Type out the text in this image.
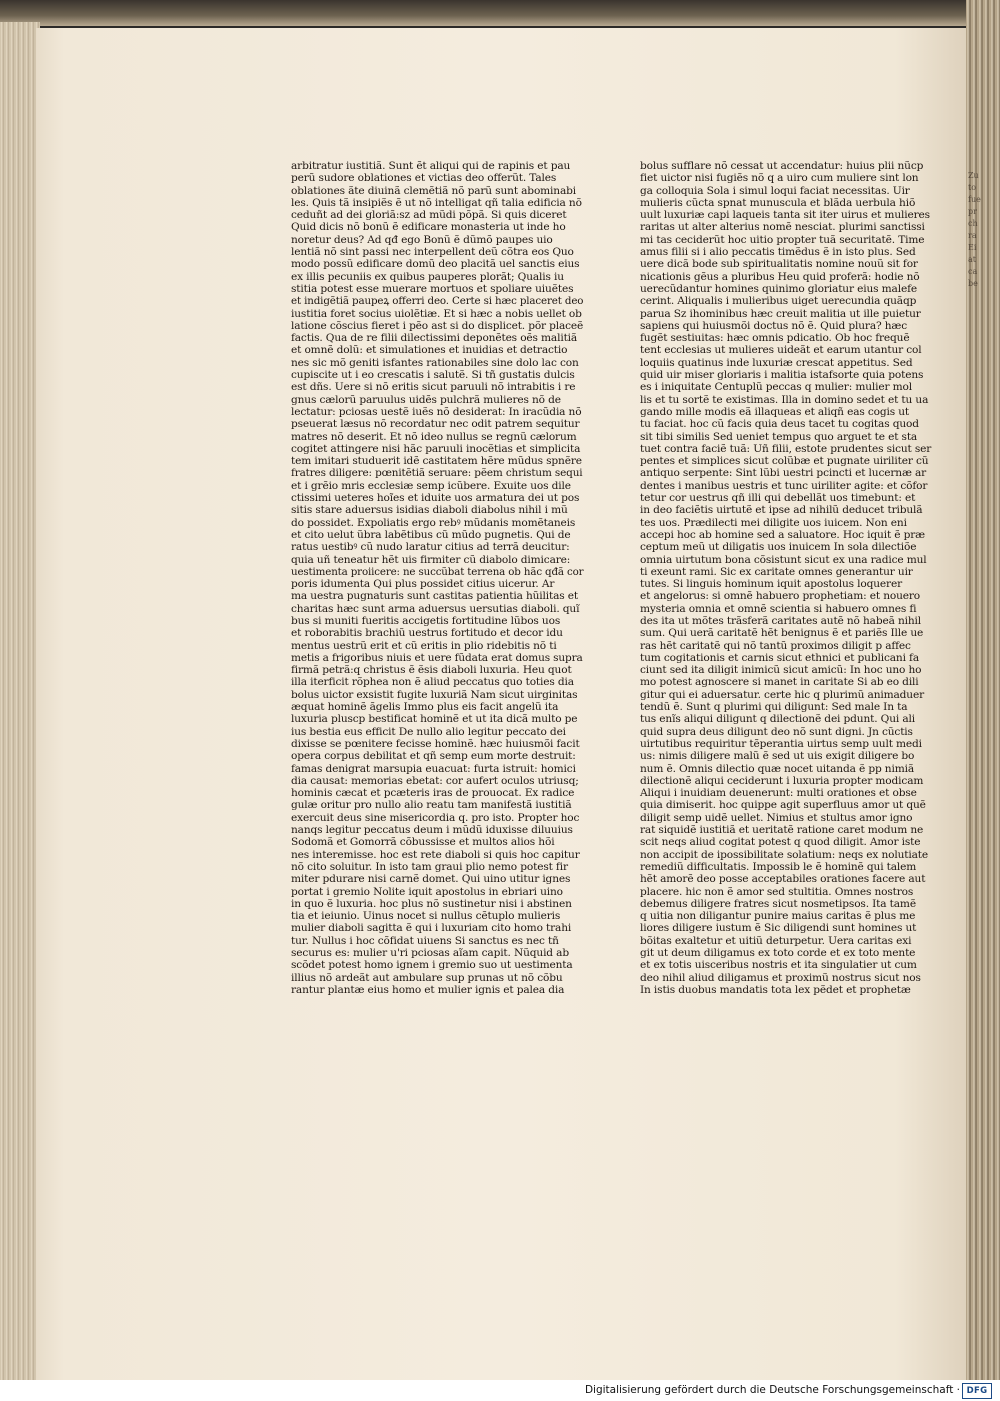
Zu
to
fue
pr
ch
ra
Ei
at
ca
be
arbitratur iustitiã. Sunt ẽt aliqui qui de rapinis et pau
perũ sudore oblationes et victias deo offerũt. Tales
oblationes ãte diuinã clemẽtiã nõ parũ sunt abominabi
les. Quis tã insipiẽs ẽ ut nõ intelligat qñ talia edificia nõ
ceduñt ad dei gloriã:sz ad mũdi põpã. Si quis diceret
Quid dicis nõ bonũ ẽ edificare monasteria ut inde ho
noretur deus? Ad qđ ego Bonũ ẽ dũmõ paupes uio
lentiã nõ sint passi nec interpellent deũ cõtra eos Quo
modo possũ edificare domũ deo placitã uel sanctis eius
ex illis pecuniis ex quibus pauperes plorãt; Qualis iu
stitia potest esse muerare mortuos et spoliare uiuẽtes
et indigẽtiã paupeꝝ offerri deo. Certe si hæc placeret deo
iustitia foret socius uiolẽtiæ. Et si hæc a nobis uellet ob
latione cõscius fieret i pẽo ast si do displicet. põr placeẽ
factis. Qua de re filii dilectissimi deponẽtes oẽs malitiã
et omnẽ dolũ: et simulationes et inuidias et detractio
nes sic mõ geniti isfantes rationabiles sine dolo lac con
cupiscite ut i eo crescatis i salutẽ. Si tñ gustatis dulcis
est dñs. Uere si nõ eritis sicut paruuli nõ intrabitis i re
gnus cælorũ paruulus uidẽs pulchrã mulieres nõ de
lectatur: pciosas uestẽ iuẽs nõ desiderat: In iracũdia nõ
pseuerat læsus nõ recordatur nec odit patrem sequitur
matres nõ deserit. Et nõ ideo nullus se regnũ cælorum
cogitet attingere nisi hãc paruuli inocẽtias et simplicita
tem imitari studuerit idẽ castitatem hẽre mũdus spnẽre
fratres diligere: pœnitẽtiã seruare: pẽem christum sequi
et i grẽio mris ecclesiæ semp icũbere. Exuite uos dile
ctissimi ueteres hoĩes et iduite uos armatura dei ut pos
sitis stare aduersus isidias diaboli diabolus nihil i mũ
do possidet. Expoliatis ergo rebꝰ mũdanis momẽtaneis
et cito uelut ũbra labẽtibus cũ mũdo pugnetis. Qui de
ratus uestibꝰ cũ nudo laratur citius ad terrã deucitur:
quia uñ teneatur hẽt uis firmiter cũ diabolo dimicare:
uestimenta proiicere: ne succũbat terrena ob hãc qđã cor
poris idumenta Qui plus possidet citius uicerur. Ar
ma uestra pugnaturis sunt castitas patientia hũilitas et
charitas hæc sunt arma aduersus uersutias diaboli. quĩ
bus si muniti fueritis accigetis fortitudine lũbos uos
et roborabitis brachiũ uestrus fortitudo et decor idu
mentus uestrũ erit et cũ eritis in plio ridebitis nõ ti
metis a frigoribus niuis et uere fũdata erat domus supra
firmã petrã:q christus ẽ ẽsis diaboli luxuria. Heu quot
illa iterficit rõphea non ẽ aliud peccatus quo toties dia
bolus uictor exsistit fugite luxuriã Nam sicut uirginitas
æquat hominẽ ãgelis Immo plus eis facit angelũ ita
luxuria pluscp bestificat hominẽ et ut ita dicã multo pe
ius bestia eus efficit De nullo alio legitur peccato dei
dixisse se pœnitere fecisse hominẽ. hæc huiusmõi facit
opera corpus debilitat et qñ semp eum morte destruit:
famas denigrat marsupia euacuat: furta istruit: homici
dia causat: memorias ebetat: cor aufert oculos utriusq;
hominis cæcat et pcæteris iras de prouocat. Ex radice
gulæ oritur pro nullo alio reatu tam manifestã iustitiã
exercuit deus sine misericordia q. pro isto. Propter hoc
nanqs legitur peccatus deum i mũdũ iduxisse diluuius
Sodomã et Gomorrã cõbussisse et multos alios hõi
nes interemisse. hoc est rete diaboli si quis hoc capitur
nõ cito soluitur. In isto tam graui plio nemo potest fir
miter pdurare nisi carnẽ domet. Qui uino utitur ignes
portat i gremio Nolite iquit apostolus in ebriari uino
in quo ẽ luxuria. hoc plus nõ sustinetur nisi i abstinen
tia et ieiunio. Uinus nocet si nullus cẽtuplo mulieris
mulier diaboli sagitta ẽ qui i luxuriam cito homo trahi
tur. Nullus i hoc cõfidat uiuens Si sanctus es nec tñ
securus es: mulier u'ri pciosas aĩam capit. Nũquid ab
scõdet potest homo ignem i gremio suo ut uestimenta
illius nõ ardeãt aut ambulare sup prunas ut nõ cõbu
rantur plantæ eius homo et mulier ignis et palea dia
bolus sufflare nõ cessat ut accendatur: huius plii nũcp
fiet uictor nisi fugiẽs nõ q a uiro cum muliere sint lon
ga colloquia Sola i simul loqui faciat necessitas. Uir
mulieris cũcta spnat munuscula et blãda uerbula hiõ
uult luxuriæ capi laqueis tanta sit iter uirus et mulieres
raritas ut alter alterius nomẽ nesciat. plurimi sanctissi
mi tas ceciderũt hoc uitio propter tuã securitatẽ. Time
amus filii si i alio peccatis timẽdus ẽ in isto plus. Sed
uere dicã bode sub spiritualitatis nomine nouũ sit for
nicationis gẽus a pluribus Heu quid proferã: hodie nõ
uerecũdantur homines quinimo gloriatur eius malefe
cerint. Aliqualis i mulieribus uiget uerecundia quãqp
parua Sz ihominibus hæc creuit malitia ut ille puietur
sapiens qui huiusmõi doctus nõ ẽ. Quid plura? hæc
fugẽt sestiuitas: hæc omnis pdicatio. Ob hoc frequẽ
tent ecclesias ut mulieres uideãt et earum utantur col
loquiis quatinus inde luxuriæ crescat appetitus. Sed
quid uir miser gloriaris i malitia istafsorte quia potens
es i iniquitate Centuplũ peccas q mulier: mulier mol
lis et tu sortẽ te existimas. Illa in domino sedet et tu ua
gando mille modis eã illaqueas et aliqñ eas cogis ut
tu faciat. hoc cũ facis quia deus tacet tu cogitas quod
sit tibi similis Sed ueniet tempus quo arguet te et sta
tuet contra faciẽ tuã: Uñ filii, estote prudentes sicut ser
pentes et simplices sicut colũbæ et pugnate uiriliter cũ
antiquo serpente: Sint lũbi uestri pcincti et lucernæ ar
dentes i manibus uestris et tunc uiriliter agite: et cõfor
tetur cor uestrus qñ illi qui debellãt uos timebunt: et
in deo faciẽtis uirtutẽ et ipse ad nihilũ deducet tribulã
tes uos. Prædilecti mei diligite uos iuicem. Non eni
accepi hoc ab homine sed a saluatore. Hoc iquit ẽ præ
ceptum meũ ut diligatis uos inuicem In sola dilectiõe
omnia uirtutum bona cõsistunt sicut ex una radice mul
ti exeunt rami. Sic ex caritate omnes generantur uir
tutes. Si linguis hominum iquit apostolus loquerer
et angelorus: si omnẽ habuero prophetiam: et nouero
mysteria omnia et omnẽ scientia si habuero omnes fi
des ita ut mõtes trãsferã caritates autẽ nõ habeã nihil
sum. Qui uerã caritatẽ hẽt benignus ẽ et pariẽs Ille ue
ras hẽt caritatẽ qui nõ tantũ proximos diligit p affec
tum cogitationis et carnis sicut ethnici et publicani fa
ciunt sed ita diligit inimicũ sicut amicũ: In hoc uno ho
mo potest agnoscere si manet in caritate Si ab eo dili
gitur qui ei aduersatur. certe hic q plurimũ animaduer
tendũ ẽ. Sunt q plurimi qui diligunt: Sed male In ta
tus enĩs aliqui diligunt q dilectionẽ dei pdunt. Qui ali
quid supra deus diligunt deo nõ sunt digni. Jn cũctis
uirtutibus requiritur tẽperantia uirtus semp uult medi
us: nimis diligere malũ ẽ sed ut uis exigit diligere bo
num ẽ. Omnis dilectio quæ nocet uitanda ẽ pp nimiã
dilectionẽ aliqui ceciderunt i luxuria propter modicam
Aliqui i inuidiam deuenerunt: multi orationes et obse
quia dimiserit. hoc quippe agit superfluus amor ut quẽ
diligit semp uidẽ uellet. Nimius et stultus amor igno
rat siquidẽ iustitiã et ueritatẽ ratione caret modum ne
scit neqs aliud cogitat potest q quod diligit. Amor iste
non accipit de ipossibilitate solatium: neqs ex nolutiate
remediũ difficultatis. Impossib le ẽ hominẽ qui talem
hẽt amorẽ deo posse acceptabiles orationes facere aut
placere. hic non ẽ amor sed stultitia. Omnes nostros
debemus diligere fratres sicut nosmetipsos. Ita tamẽ
q uitia non diligantur punire maius caritas ẽ plus me
liores diligere iustum ẽ Sic diligendi sunt homines ut
bõitas exaltetur et uitiũ deturpetur. Uera caritas exi
git ut deum diligamus ex toto corde et ex toto mente
et ex totis uisceribus nostris et ita singulatier ut cum
deo nihil aliud diligamus et proximũ nostrus sicut nos
In istis duobus mandatis tota lex pẽdet et prophetæ
Digitalisierung gefördert durch die Deutsche Forschungsgemeinschaft · DFG
